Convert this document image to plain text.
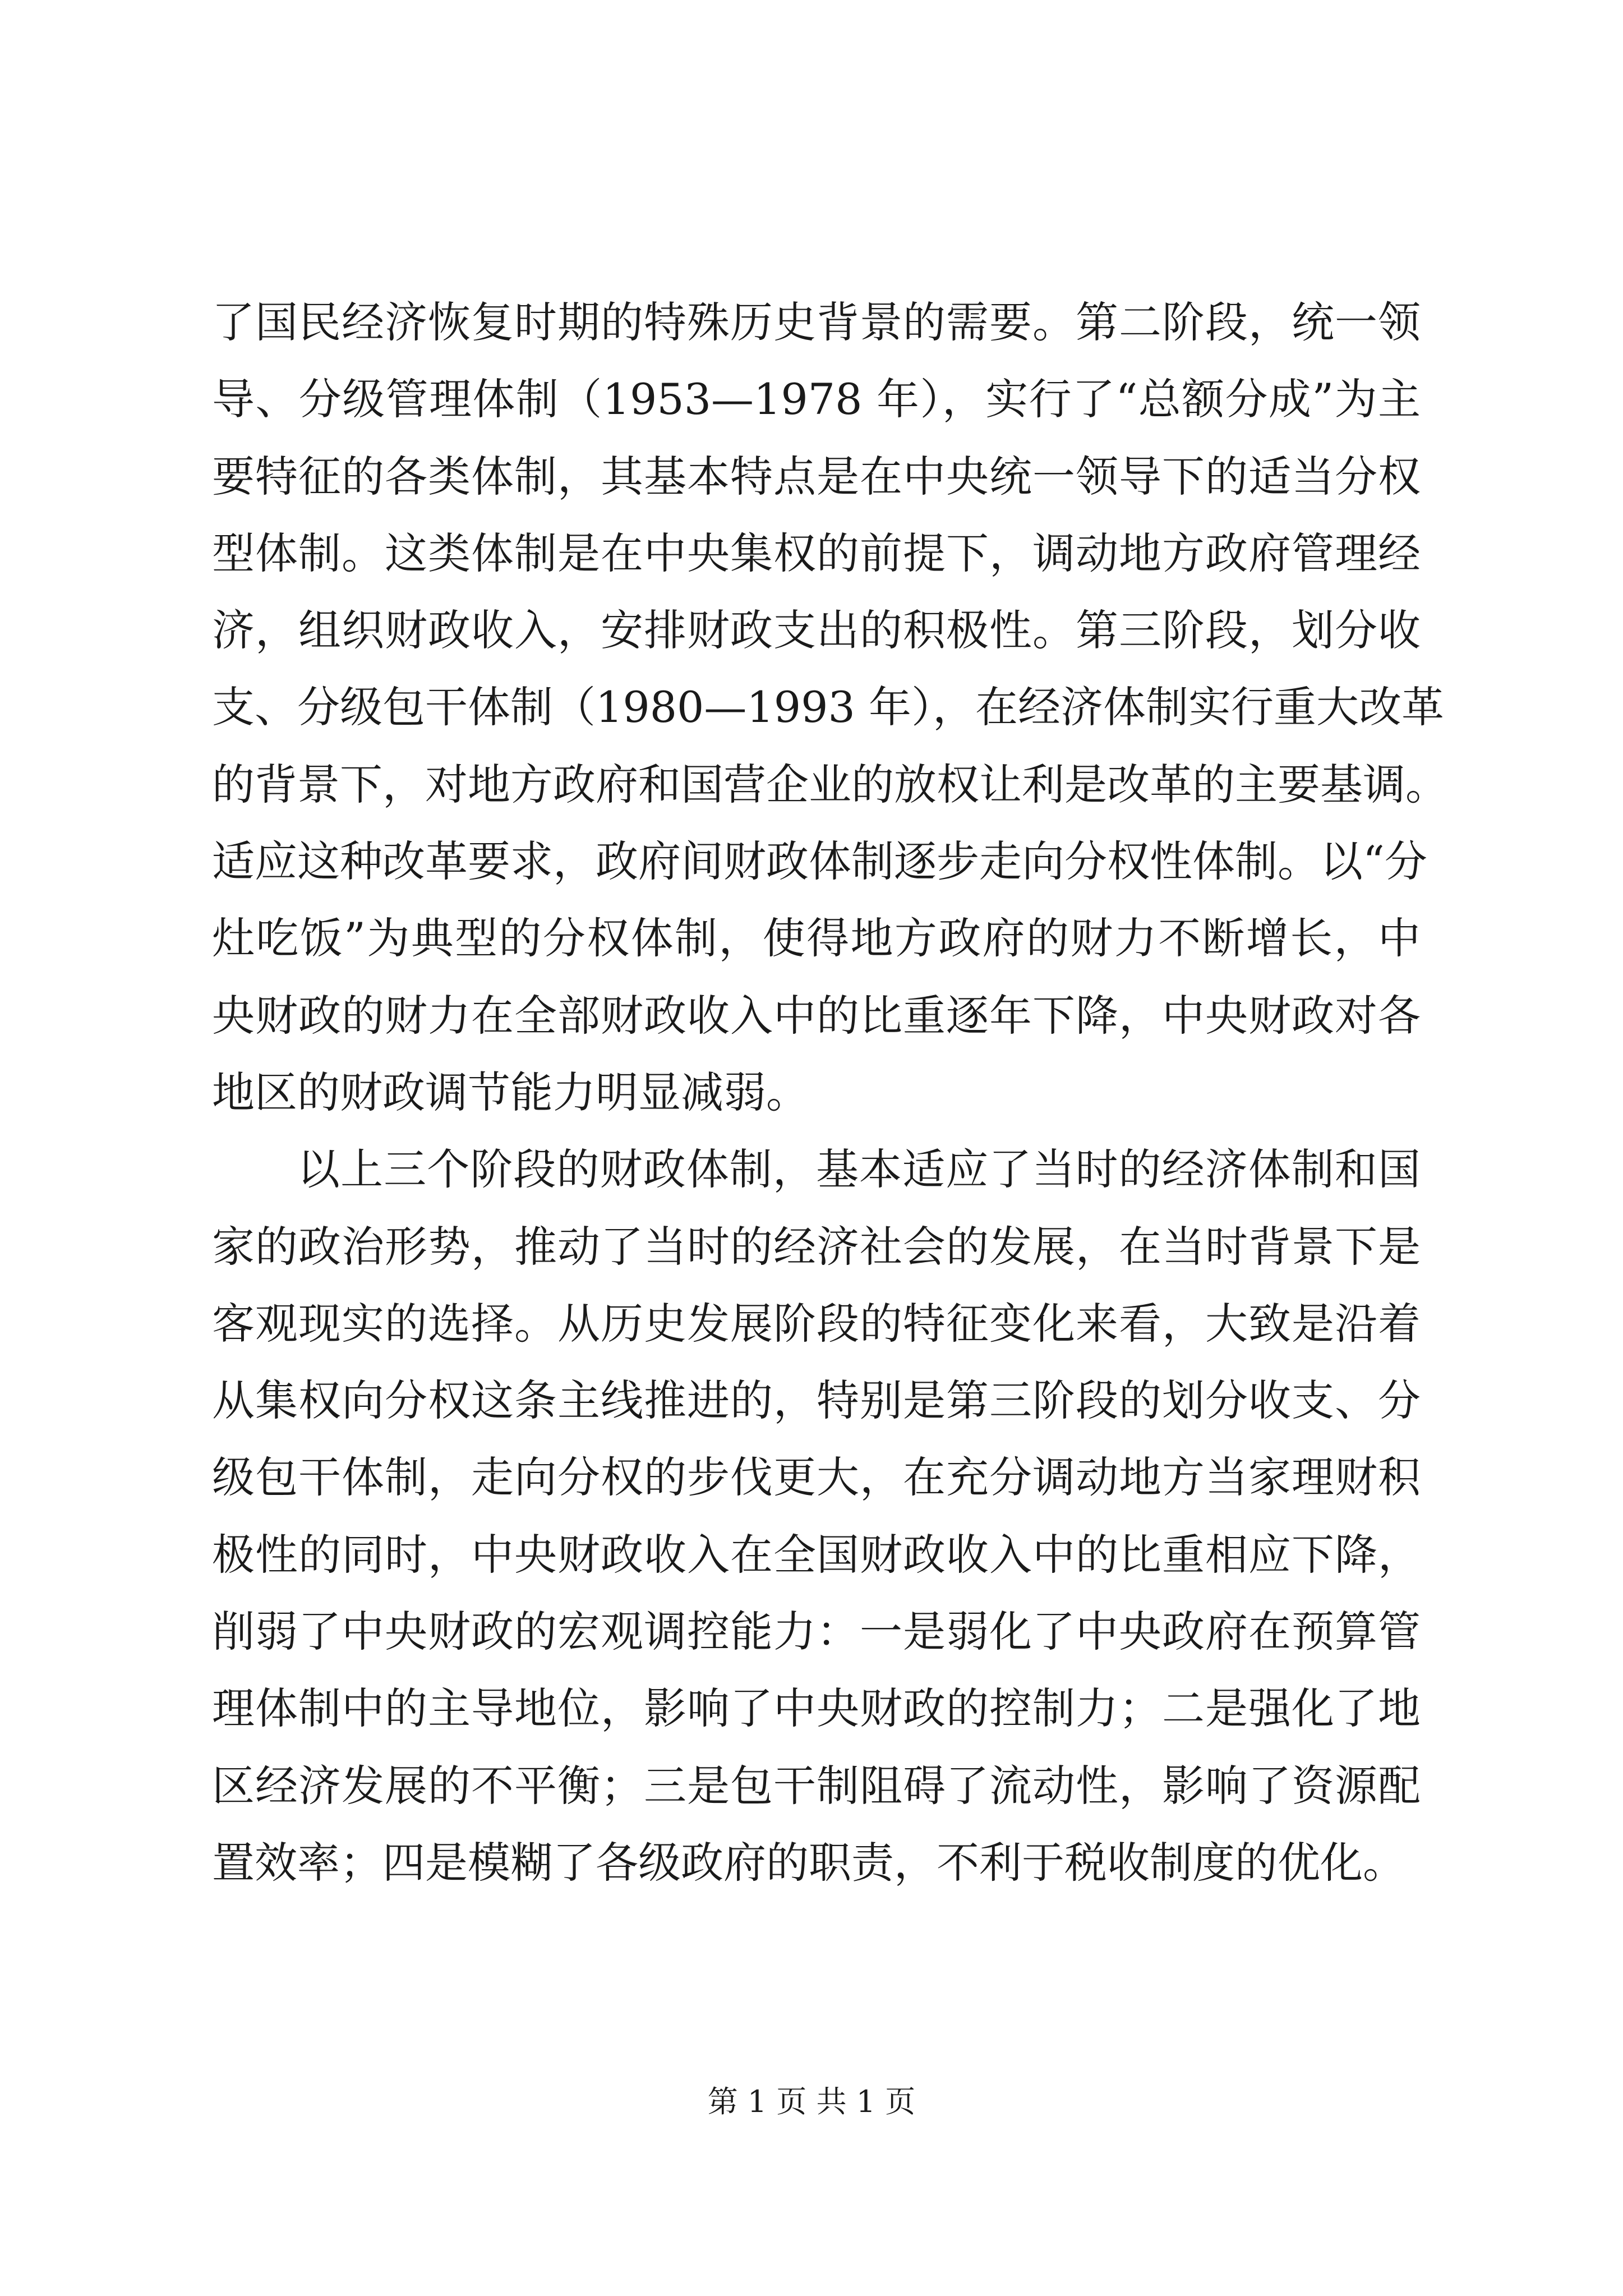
了国民经济恢复时期的特殊历史背景的需要。第二阶段，统一领
导、分级管理体制（1953—1978 年），实行了“总额分成”为主
要特征的各类体制，其基本特点是在中央统一领导下的适当分权
型体制。这类体制是在中央集权的前提下，调动地方政府管理经
济，组织财政收入，安排财政支出的积极性。第三阶段，划分收
支、分级包干体制（1980—1993 年），在经济体制实行重大改革
的背景下，对地方政府和国营企业的放权让利是改革的主要基调。
适应这种改革要求，政府间财政体制逐步走向分权性体制。以“分
灶吃饭”为典型的分权体制，使得地方政府的财力不断增长，中
央财政的财力在全部财政收入中的比重逐年下降，中央财政对各
地区的财政调节能力明显减弱。
以上三个阶段的财政体制，基本适应了当时的经济体制和国
家的政治形势，推动了当时的经济社会的发展，在当时背景下是
客观现实的选择。从历史发展阶段的特征变化来看，大致是沿着
从集权向分权这条主线推进的，特别是第三阶段的划分收支、分
级包干体制，走向分权的步伐更大，在充分调动地方当家理财积
极性的同时，中央财政收入在全国财政收入中的比重相应下降，
削弱了中央财政的宏观调控能力：一是弱化了中央政府在预算管
理体制中的主导地位，影响了中央财政的控制力；二是强化了地
区经济发展的不平衡；三是包干制阻碍了流动性，影响了资源配
置效率；四是模糊了各级政府的职责，不利于税收制度的优化。
第 1 页 共 1 页
